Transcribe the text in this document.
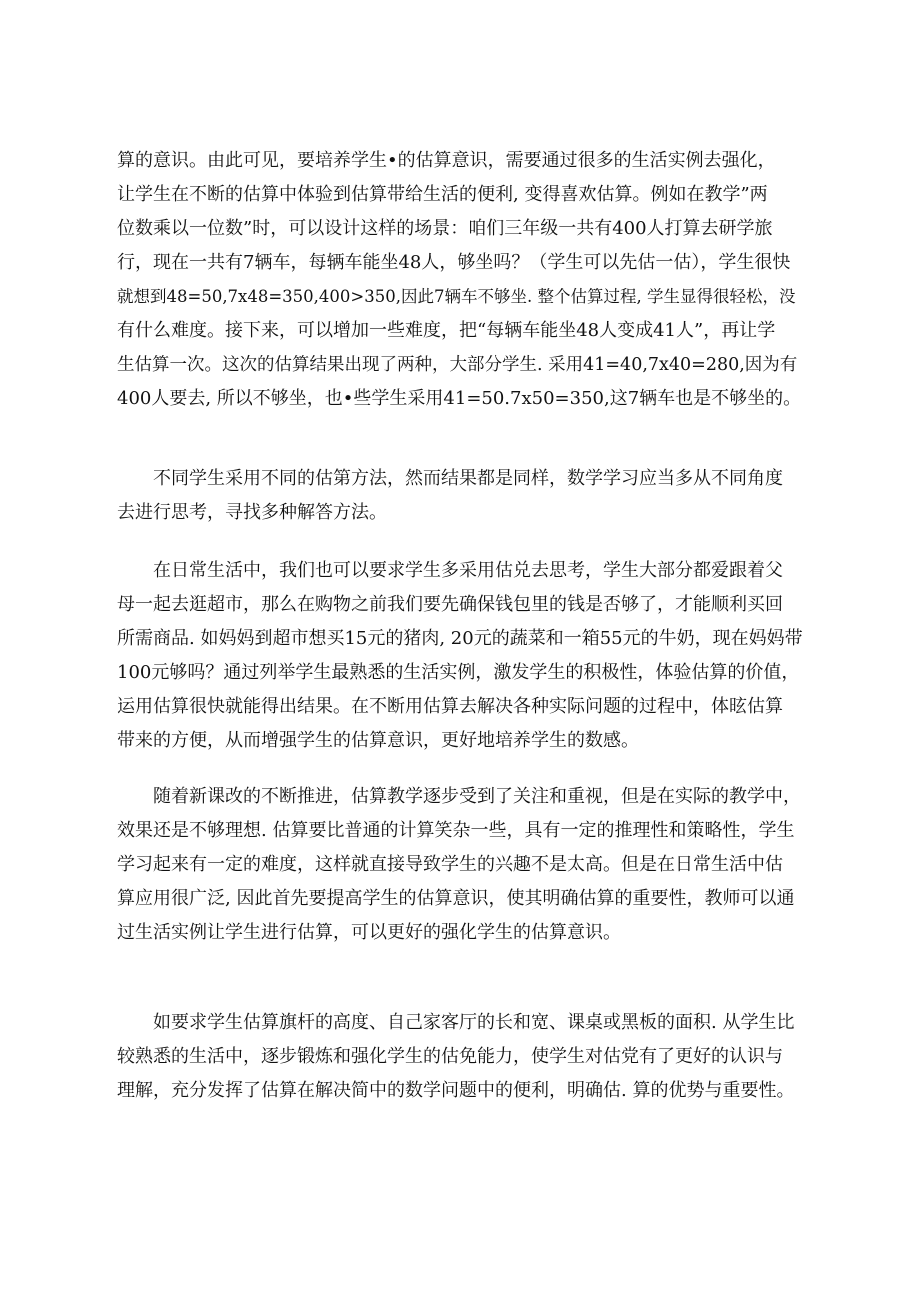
算的意识。由此可见，要培养学生•的估算意识，需要通过很多的生活实例去强化，
让学生在不断的估算中体验到估算带给生活的便利, 变得喜欢估算。例如在教学”两
位数乘以一位数”时，可以设计这样的场景：咱们三年级一共有400人打算去研学旅
行，现在一共有7辆车，每辆车能坐48人，够坐吗？（学生可以先估一估），学生很快
就想到48=50,7x48=350,400>350,因此7辆车不够坐. 整个估算过程, 学生显得很轻松，没
有什么难度。接下来，可以增加一些难度，把“每辆车能坐48人变成41人”，再让学
生估算一次。这次的估算结果出现了两种，大部分学生. 采用41=40,7x40=280,因为有
400人要去, 所以不够坐，也•些学生采用41=50.7x50=350,这7辆车也是不够坐的。
　　不同学生采用不同的估第方法，然而结果都是同样，数学学习应当多从不同角度
去进行思考，寻找多种解答方法。
　　在日常生活中，我们也可以要求学生多采用估兑去思考，学生大部分都爱跟着父
母一起去逛超市，那么在购物之前我们要先确保钱包里的钱是否够了，才能顺利买回
所需商品. 如妈妈到超市想买15元的猪肉, 20元的蔬菜和一箱55元的牛奶，现在妈妈带
100元够吗？通过列举学生最熟悉的生活实例，激发学生的积极性，体验估算的价值，
运用估算很快就能得出结果。在不断用估算去解决各种实际问题的过程中，体昡估算
带来的方便，从而增强学生的估算意识，更好地培养学生的数感。
　　随着新课改的不断推进，估算教学逐步受到了关注和重视，但是在实际的教学中，
效果还是不够理想. 估算要比普通的计算笑杂一些，具有一定的推理性和策略性，学生
学习起来有一定的难度，这样就直接导致学生的兴趣不是太高。但是在日常生活中估
算应用很广泛, 因此首先要提高学生的估算意识，使其明确估算的重要性，教师可以通
过生活实例让学生进行估算，可以更好的强化学生的估算意识。
　　如要求学生估算旗杆的高度、自己家客厅的长和宽、课桌或黑板的面积. 从学生比
较熟悉的生活中，逐步锻炼和强化学生的估免能力，使学生对估党有了更好的认识与
理解，充分发挥了估算在解决简中的数学问题中的便利，明确估. 算的优势与重要性。
